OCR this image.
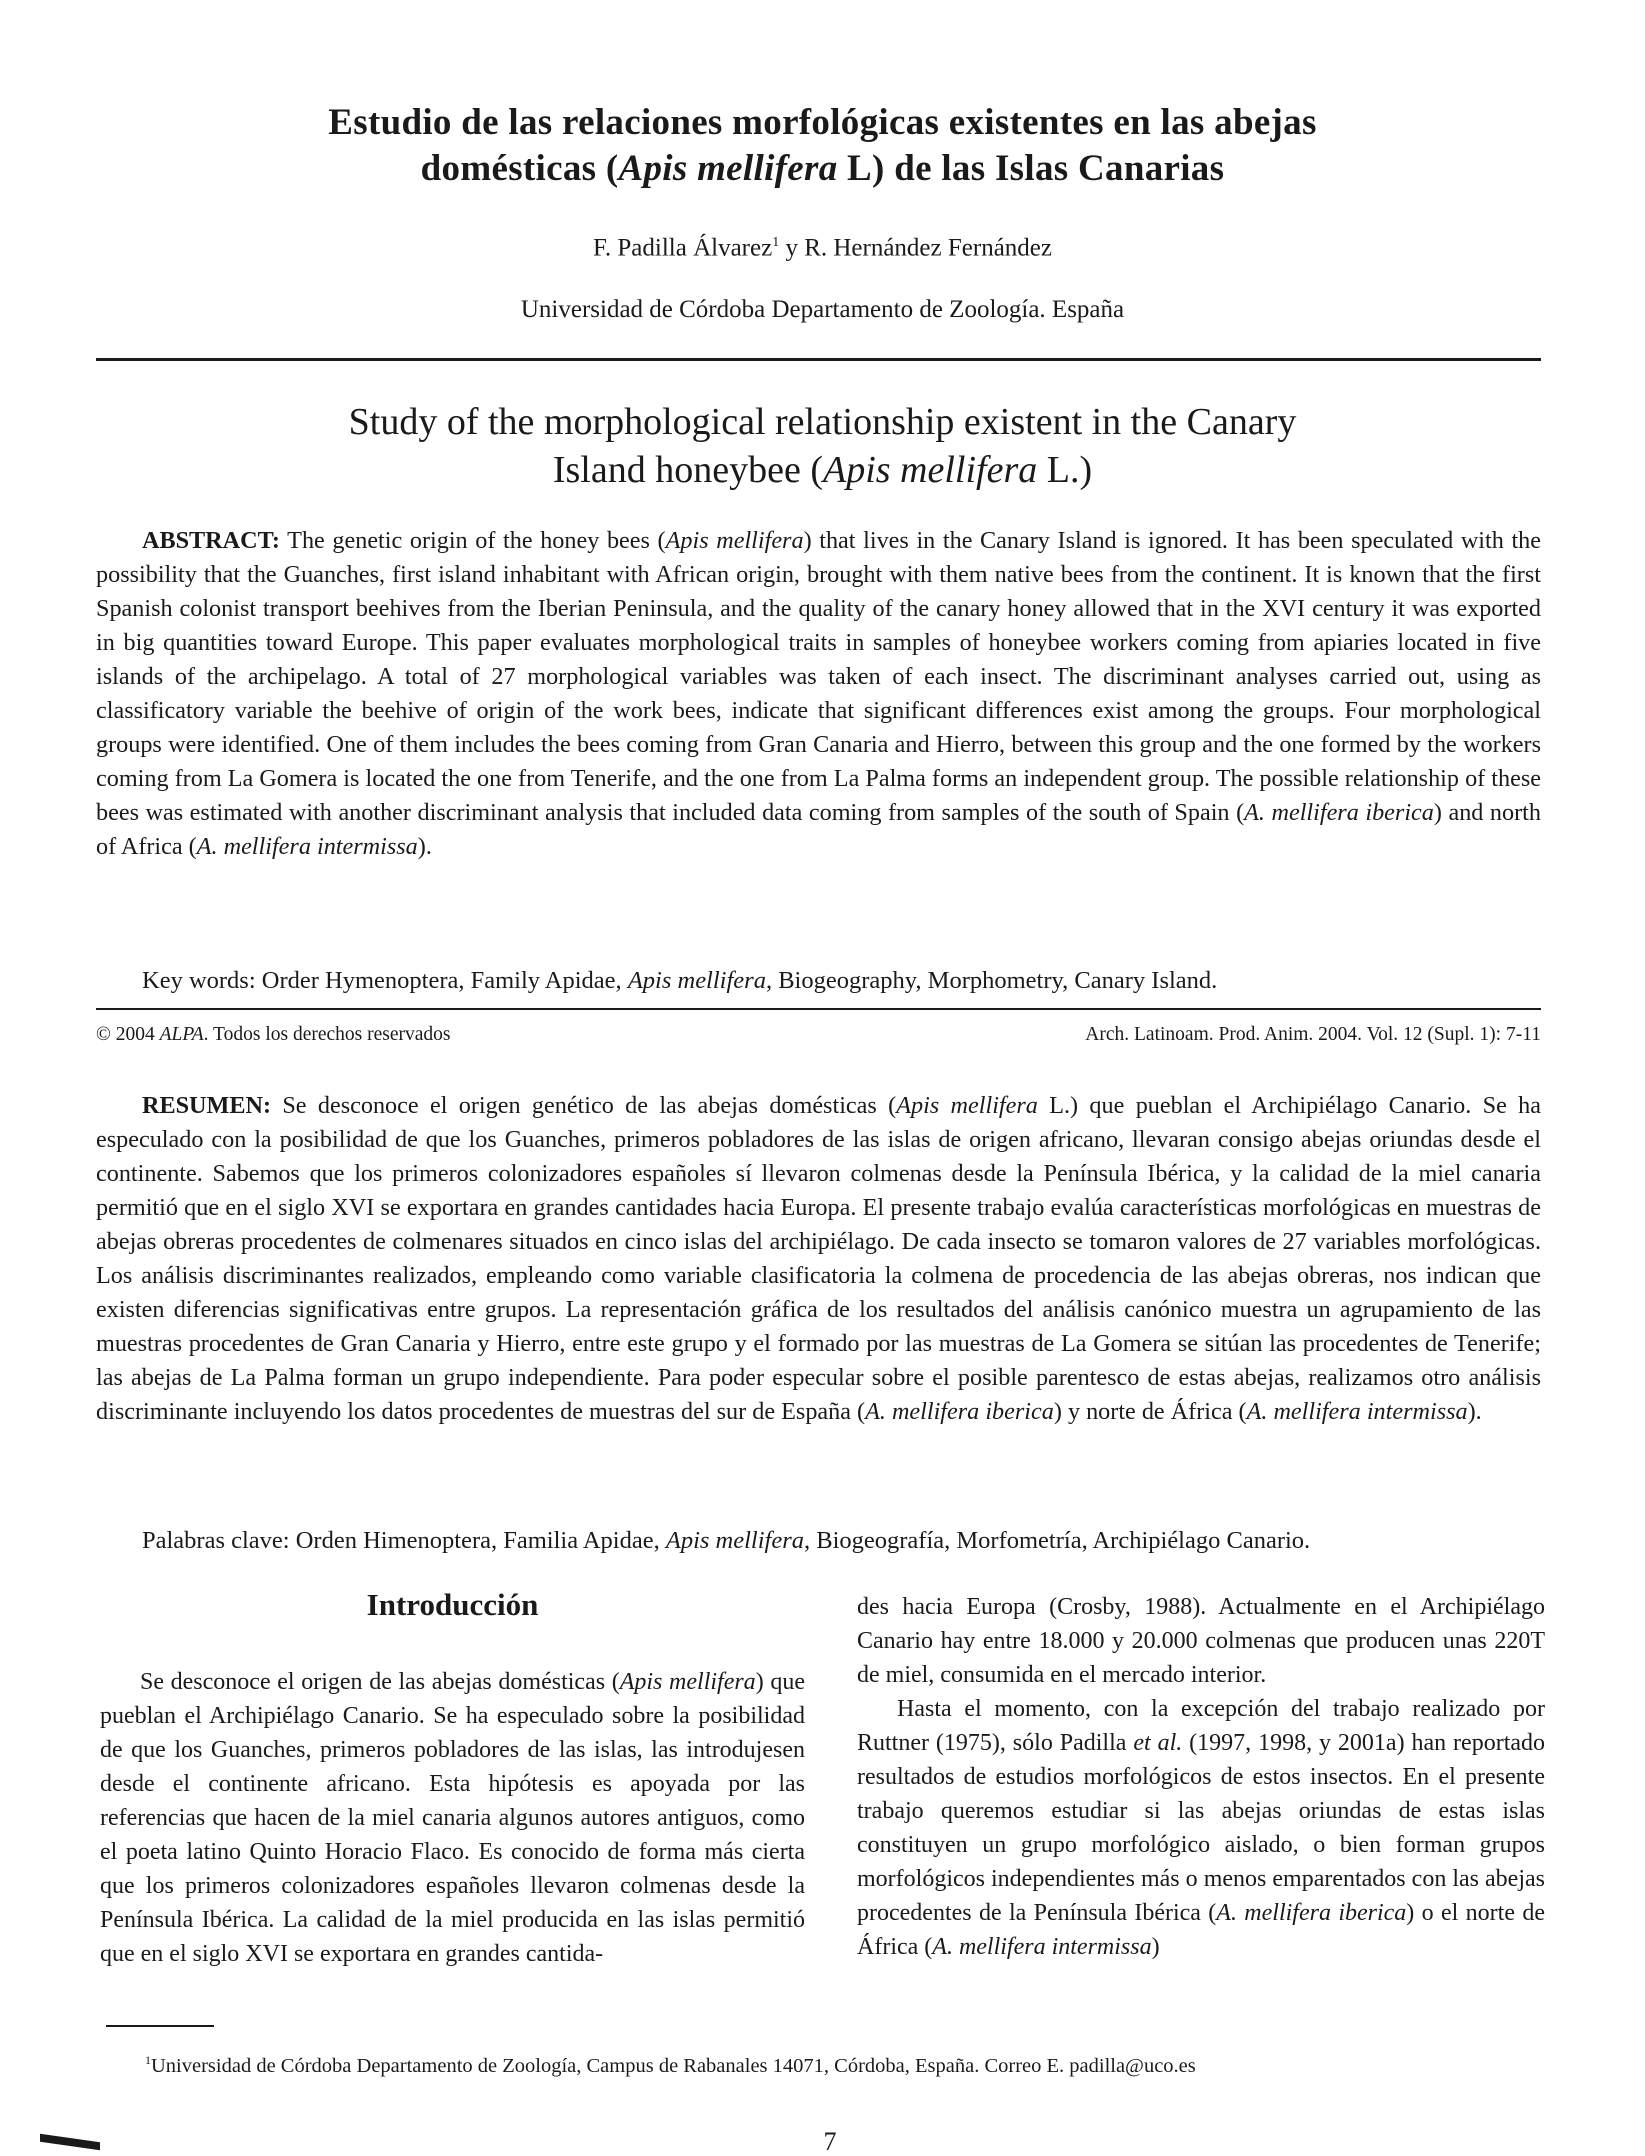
Estudio de las relaciones morfológicas existentes en las abejas
domésticas (Apis mellifera L) de las Islas Canarias
F. Padilla Álvarez$^1$ y R. Hernández Fernández
Universidad de Córdoba Departamento de Zoología. España
Study of the morphological relationship existent in the Canary
Island honeybee (Apis mellifera L.)
ABSTRACT: The genetic origin of the honey bees (Apis mellifera) that lives in the Canary Island is ignored. It has been speculated with the possibility that the Guanches, first island inhabitant with African origin, brought with them native bees from the continent. It is known that the first Spanish colonist transport beehives from the Iberian Peninsula, and the quality of the canary honey allowed that in the XVI century it was exported in big quantities toward Europe. This paper evaluates morphological traits in samples of honeybee workers coming from apiaries located in five islands of the archipelago. A total of 27 morphological variables was taken of each insect. The discriminant analyses carried out, using as classificatory variable the beehive of origin of the work bees, indicate that significant differences exist among the groups. Four morphological groups were identified. One of them includes the bees coming from Gran Canaria and Hierro, between this group and the one formed by the workers coming from La Gomera is located the one from Tenerife, and the one from La Palma forms an independent group. The possible relationship of these bees was estimated with another discriminant analysis that included data coming from samples of the south of Spain (A. mellifera iberica) and north of Africa (A. mellifera intermissa).
Key words: Order Hymenoptera, Family Apidae, Apis mellifera, Biogeography, Morphometry, Canary Island.
© 2004 ALPA. Todos los derechos reservados	Arch. Latinoam. Prod. Anim. 2004. Vol. 12 (Supl. 1): 7-11
RESUMEN: Se desconoce el origen genético de las abejas domésticas (Apis mellifera L.) que pueblan el Archipiélago Canario. Se ha especulado con la posibilidad de que los Guanches, primeros pobladores de las islas de origen africano, llevaran consigo abejas oriundas desde el continente. Sabemos que los primeros colonizadores españoles sí llevaron colmenas desde la Península Ibérica, y la calidad de la miel canaria permitió que en el siglo XVI se exportara en grandes cantidades hacia Europa. El presente trabajo evalúa características morfológicas en muestras de abejas obreras procedentes de colmenares situados en cinco islas del archipiélago. De cada insecto se tomaron valores de 27 variables morfológicas. Los análisis discriminantes realizados, empleando como variable clasificatoria la colmena de procedencia de las abejas obreras, nos indican que existen diferencias significativas entre grupos. La representación gráfica de los resultados del análisis canónico muestra un agrupamiento de las muestras procedentes de Gran Canaria y Hierro, entre este grupo y el formado por las muestras de La Gomera se sitúan las procedentes de Tenerife; las abejas de La Palma forman un grupo independiente. Para poder especular sobre el posible parentesco de estas abejas, realizamos otro análisis discriminante incluyendo los datos procedentes de muestras del sur de España (A. mellifera iberica) y norte de África (A. mellifera intermissa).
Palabras clave: Orden Himenoptera, Familia Apidae, Apis mellifera, Biogeografía, Morfometría, Archipiélago Canario.
Introducción

Se desconoce el origen de las abejas domésticas (Apis mellifera) que pueblan el Archipiélago Canario. Se ha especulado sobre la posibilidad de que los Guanches, primeros pobladores de las islas, las introdujesen desde el continente africano. Esta hipótesis es apoyada por las referencias que hacen de la miel canaria algunos autores antiguos, como el poeta latino Quinto Horacio Flaco. Es conocido de forma más cierta que los primeros colonizadores españoles llevaron colmenas desde la Península Ibérica. La calidad de la miel producida en las islas permitió que en el siglo XVI se exportara en grandes cantida-

des hacia Europa (Crosby, 1988). Actualmente en el Archipiélago Canario hay entre 18.000 y 20.000 colmenas que producen unas 220T de miel, consumida en el mercado interior.

Hasta el momento, con la excepción del trabajo realizado por Ruttner (1975), sólo Padilla et al. (1997, 1998, y 2001a) han reportado resultados de estudios morfológicos de estos insectos. En el presente trabajo queremos estudiar si las abejas oriundas de estas islas constituyen un grupo morfológico aislado, o bien forman grupos morfológicos independientes más o menos emparentados con las abejas procedentes de la Península Ibérica (A. mellifera iberica) o el norte de África (A. mellifera intermissa)

$^1$Universidad de Córdoba Departamento de Zoología, Campus de Rabanales 14071, Córdoba, España. Correo E. padilla@uco.es
7
